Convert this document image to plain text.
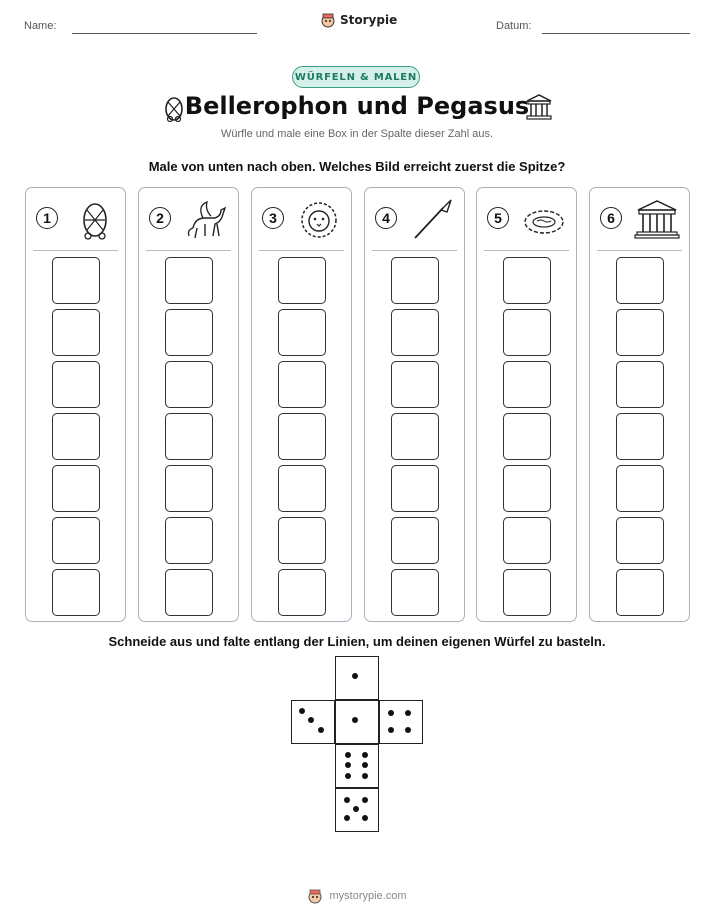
Name:	Storypie	Datum:
WÜRFELN & MALEN
Bellerophon und Pegasus
Würfle und male eine Box in der Spalte dieser Zahl aus.
Male von unten nach oben. Welches Bild erreicht zuerst die Spitze?
1	2	3	4	5	6
Schneide aus und falte entlang der Linien, um deinen eigenen Würfel zu basteln.
mystorypie.com
